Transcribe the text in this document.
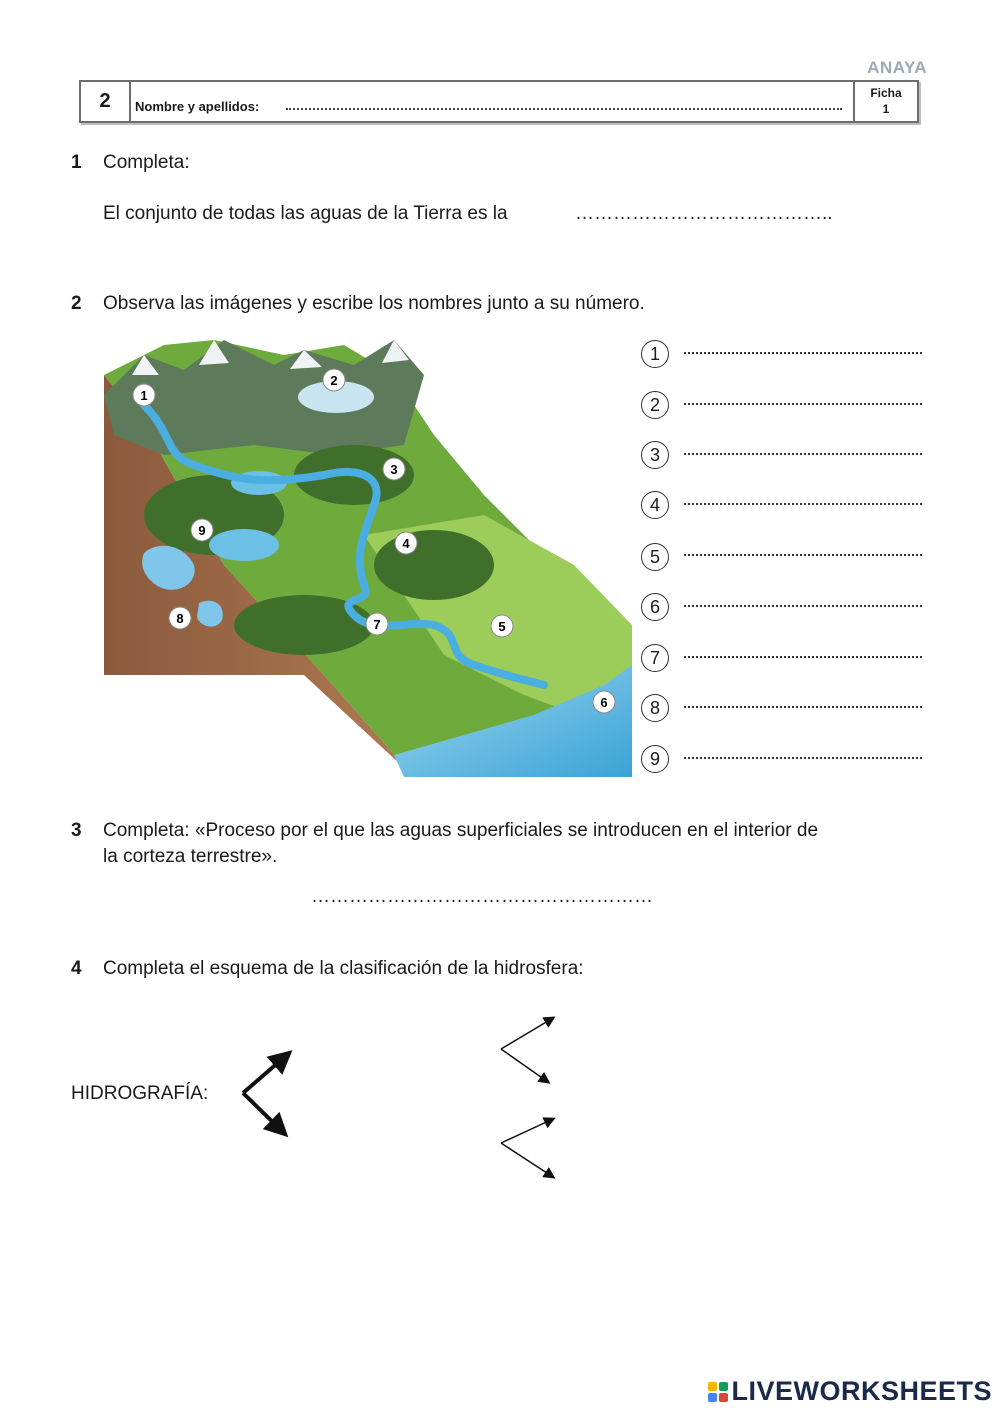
ANAYA
2	Nombre y apellidos:
Ficha
1
1 Completa:
El conjunto de todas las aguas de la Tierra es la	…………………………………..
2 Observa las imágenes y escribe los nombres junto a su número.
1
2
3
4
5
6
7
8
9
1
2
3
4
5
6
7
8
9
3 Completa: «Proceso por el que las aguas superficiales se introducen en el interior de
la corteza terrestre».
………………………………………………
4 Completa el esquema de la clasificación de la hidrosfera:
HIDROGRAFÍA:
LIVEWORKSHEETS
